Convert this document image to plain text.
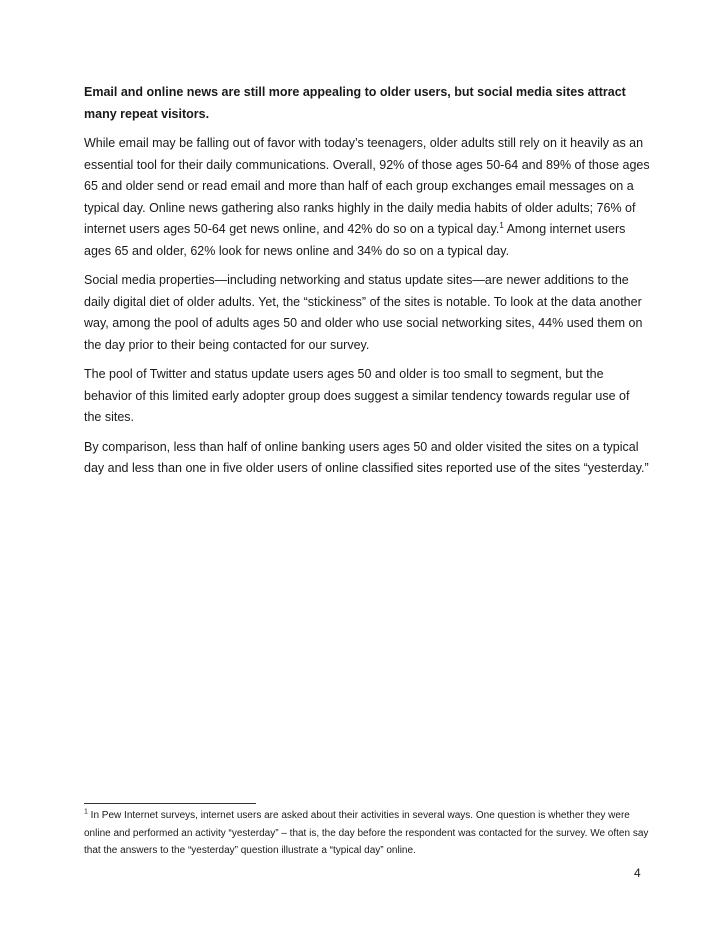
Email and online news are still more appealing to older users, but social media sites attract many repeat visitors.

While email may be falling out of favor with today’s teenagers, older adults still rely on it heavily as an essential tool for their daily communications. Overall, 92% of those ages 50-64 and 89% of those ages 65 and older send or read email and more than half of each group exchanges email messages on a typical day. Online news gathering also ranks highly in the daily media habits of older adults; 76% of internet users ages 50-64 get news online, and 42% do so on a typical day.$^1$ Among internet users ages 65 and older, 62% look for news online and 34% do so on a typical day.

Social media properties—including networking and status update sites—are newer additions to the daily digital diet of older adults. Yet, the “stickiness” of the sites is notable. To look at the data another way, among the pool of adults ages 50 and older who use social networking sites, 44% used them on the day prior to their being contacted for our survey.

The pool of Twitter and status update users ages 50 and older is too small to segment, but the behavior of this limited early adopter group does suggest a similar tendency towards regular use of the sites.

By comparison, less than half of online banking users ages 50 and older visited the sites on a typical day and less than one in five older users of online classified sites reported use of the sites “yesterday.”

$^1$ In Pew Internet surveys, internet users are asked about their activities in several ways. One question is whether they were online and performed an activity “yesterday” – that is, the day before the respondent was contacted for the survey. We often say that the answers to the “yesterday” question illustrate a “typical day” online.
4
